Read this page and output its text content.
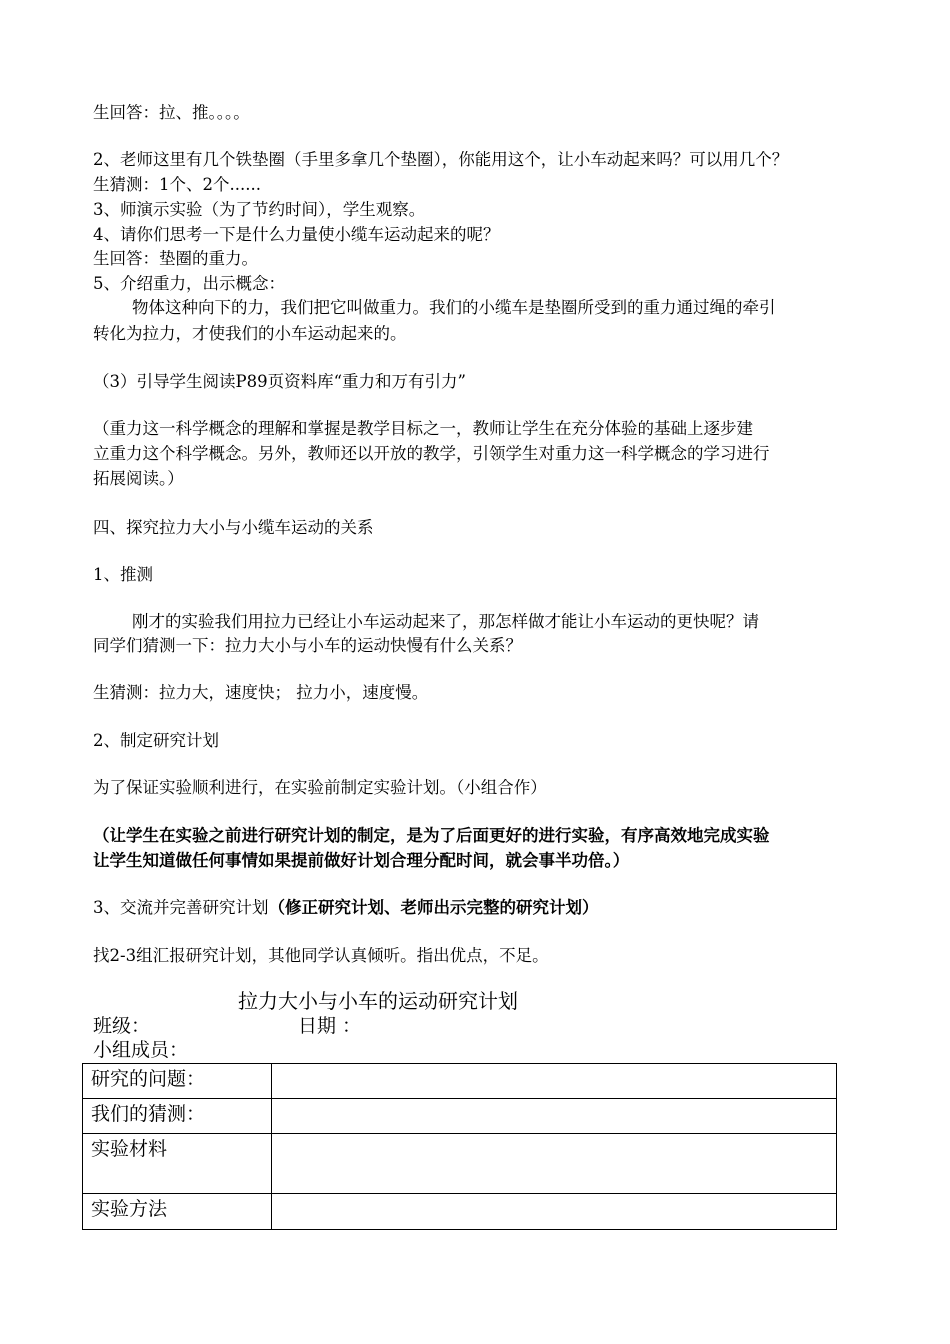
生回答：拉、推。。。。
2、老师这里有几个铁垫圈（手里多拿几个垫圈），你能用这个，让小车动起来吗？可以用几个？
生猜测：1个、2个......
3、师演示实验（为了节约时间），学生观察。
4、请你们思考一下是什么力量使小缆车运动起来的呢？
生回答：垫圈的重力。
5、介绍重力，出示概念：
物体这种向下的力，我们把它叫做重力。我们的小缆车是垫圈所受到的重力通过绳的牵引
转化为拉力，才使我们的小车运动起来的。
（3）引导学生阅读P89页资料库“重力和万有引力”
（重力这一科学概念的理解和掌握是教学目标之一，教师让学生在充分体验的基础上逐步建
立重力这个科学概念。另外，教师还以开放的教学，引领学生对重力这一科学概念的学习进行
拓展阅读。）
四、探究拉力大小与小缆车运动的关系
1、推测
刚才的实验我们用拉力已经让小车运动起来了，那怎样做才能让小车运动的更快呢？请
同学们猜测一下：拉力大小与小车的运动快慢有什么关系？
生猜测：拉力大，速度快； 拉力小，速度慢。
2、制定研究计划
为了保证实验顺利进行，在实验前制定实验计划。（小组合作）
（让学生在实验之前进行研究计划的制定，是为了后面更好的进行实验，有序高效地完成实验
让学生知道做任何事情如果提前做好计划合理分配时间，就会事半功倍。）
3、交流并完善研究计划（修正研究计划、老师出示完整的研究计划）
找2-3组汇报研究计划，其他同学认真倾听。指出优点，不足。
拉力大小与小车的运动研究计划
班级：	日期 ：
小组成员：
研究的问题：	
我们的猜测：	
实验材料	
实验方法	
